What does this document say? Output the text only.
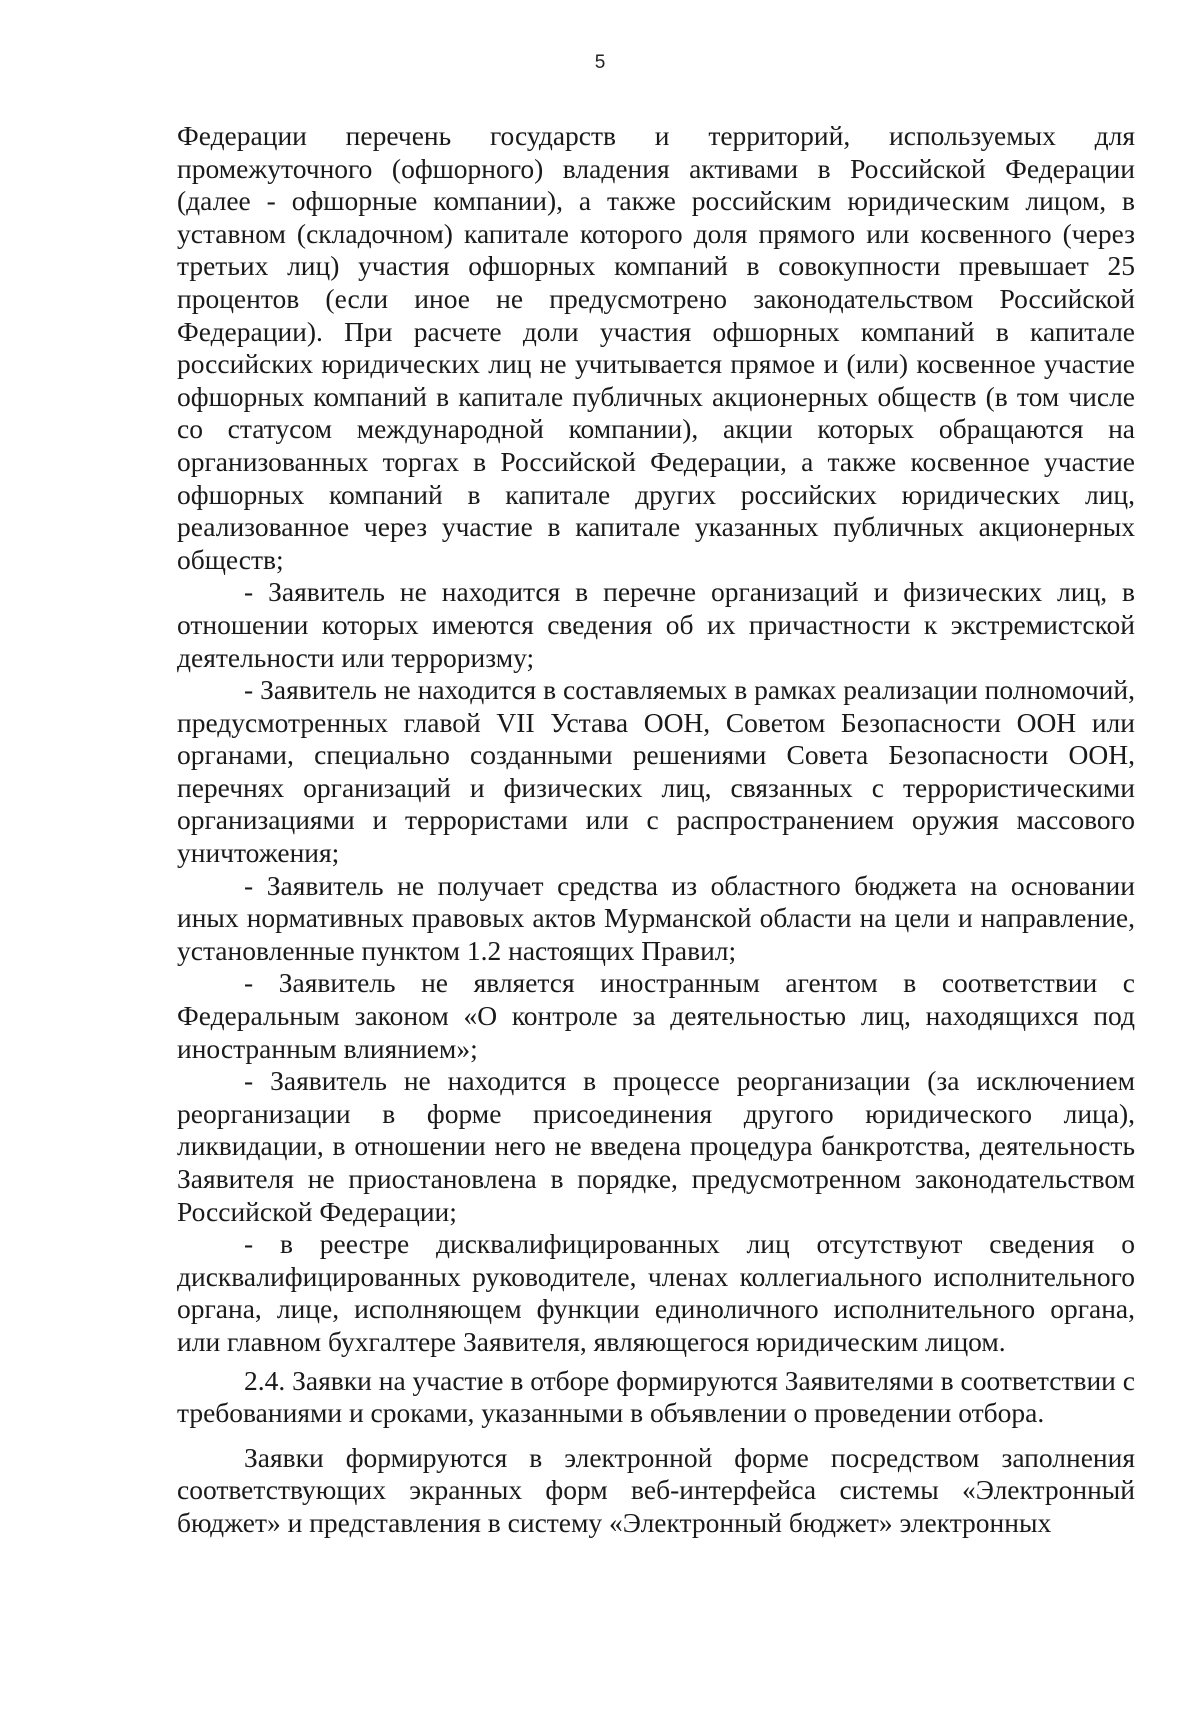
5

Федерации перечень государств и территорий, используемых для промежуточного (офшорного) владения активами в Российской Федерации (далее - офшорные компании), а также российским юридическим лицом, в уставном (складочном) капитале которого доля прямого или косвенного (через третьих лиц) участия офшорных компаний в совокупности превышает 25 процентов (если иное не предусмотрено законодательством Российской Федерации). При расчете доли участия офшорных компаний в капитале российских юридических лиц не учитывается прямое и (или) косвенное участие офшорных компаний в капитале публичных акционерных обществ (в том числе со статусом международной компании), акции которых обращаются на организованных торгах в Российской Федерации, а также косвенное участие офшорных компаний в капитале других российских юридических лиц, реализованное через участие в капитале указанных публичных акционерных обществ;

- Заявитель не находится в перечне организаций и физических лиц, в отношении которых имеются сведения об их причастности к экстремистской деятельности или терроризму;

- Заявитель не находится в составляемых в рамках реализации полномочий, предусмотренных главой VII Устава ООН, Советом Безопасности ООН или органами, специально созданными решениями Совета Безопасности ООН, перечнях организаций и физических лиц, связанных с террористическими организациями и террористами или с распространением оружия массового уничтожения;

- Заявитель не получает средства из областного бюджета на основании иных нормативных правовых актов Мурманской области на цели и направление, установленные пунктом 1.2 настоящих Правил;

- Заявитель не является иностранным агентом в соответствии с Федеральным законом «О контроле за деятельностью лиц, находящихся под иностранным влиянием»;

- Заявитель не находится в процессе реорганизации (за исключением реорганизации в форме присоединения другого юридического лица), ликвидации, в отношении него не введена процедура банкротства, деятельность Заявителя не приостановлена в порядке, предусмотренном законодательством Российской Федерации;

- в реестре дисквалифицированных лиц отсутствуют сведения о дисквалифицированных руководителе, членах коллегиального исполнительного органа, лице, исполняющем функции единоличного исполнительного органа, или главном бухгалтере Заявителя, являющегося юридическим лицом.

2.4. Заявки на участие в отборе формируются Заявителями в соответствии с требованиями и сроками, указанными в объявлении о проведении отбора.

Заявки формируются в электронной форме посредством заполнения соответствующих экранных форм веб-интерфейса системы «Электронный бюджет» и представления в систему «Электронный бюджет» электронных
